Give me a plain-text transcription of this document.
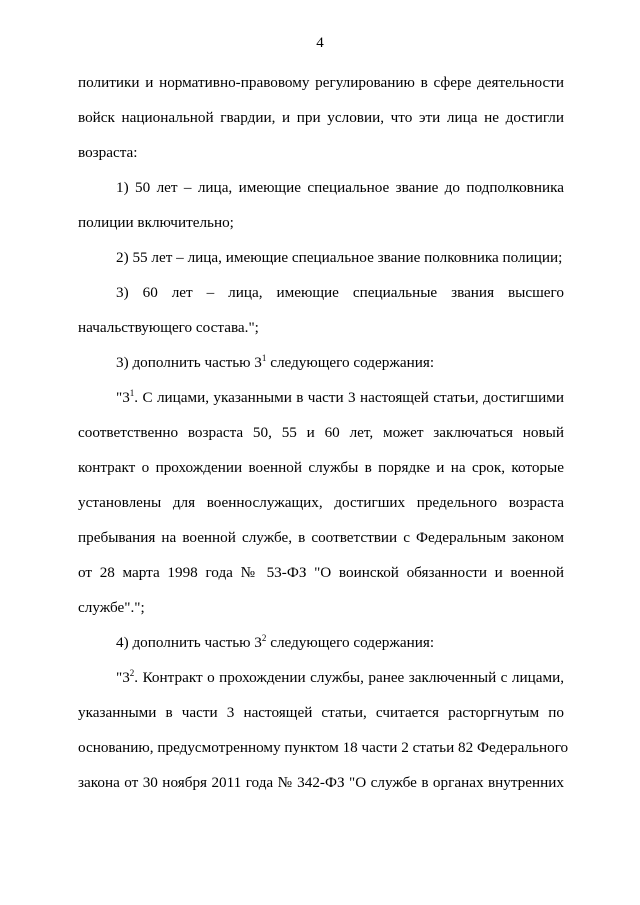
4
политики и нормативно-правовому регулированию в сфере деятельности
войск национальной гвардии, и при условии, что эти лица не достигли
возраста:
1) 50 лет – лица, имеющие специальное звание до подполковника
полиции включительно;
2) 55 лет – лица, имеющие специальное звание полковника полиции;
3) 60 лет – лица, имеющие специальные звания высшего
начальствующего состава.";
3) дополнить частью $3^1$ следующего содержания:
"$3^1$. С лицами, указанными в части 3 настоящей статьи, достигшими
соответственно возраста 50, 55 и 60 лет, может заключаться новый
контракт о прохождении военной службы в порядке и на срок, которые
установлены для военнослужащих, достигших предельного возраста
пребывания на военной службе, в соответствии с Федеральным законом
от 28 марта 1998 года № 53-ФЗ "О воинской обязанности и военной
службе".";
4) дополнить частью $3^2$ следующего содержания:
"$3^2$. Контракт о прохождении службы, ранее заключенный с лицами,
указанными в части 3 настоящей статьи, считается расторгнутым по
основанию, предусмотренному пунктом 18 части 2 статьи 82 Федерального
закона от 30 ноября 2011 года № 342-ФЗ "О службе в органах внутренних
